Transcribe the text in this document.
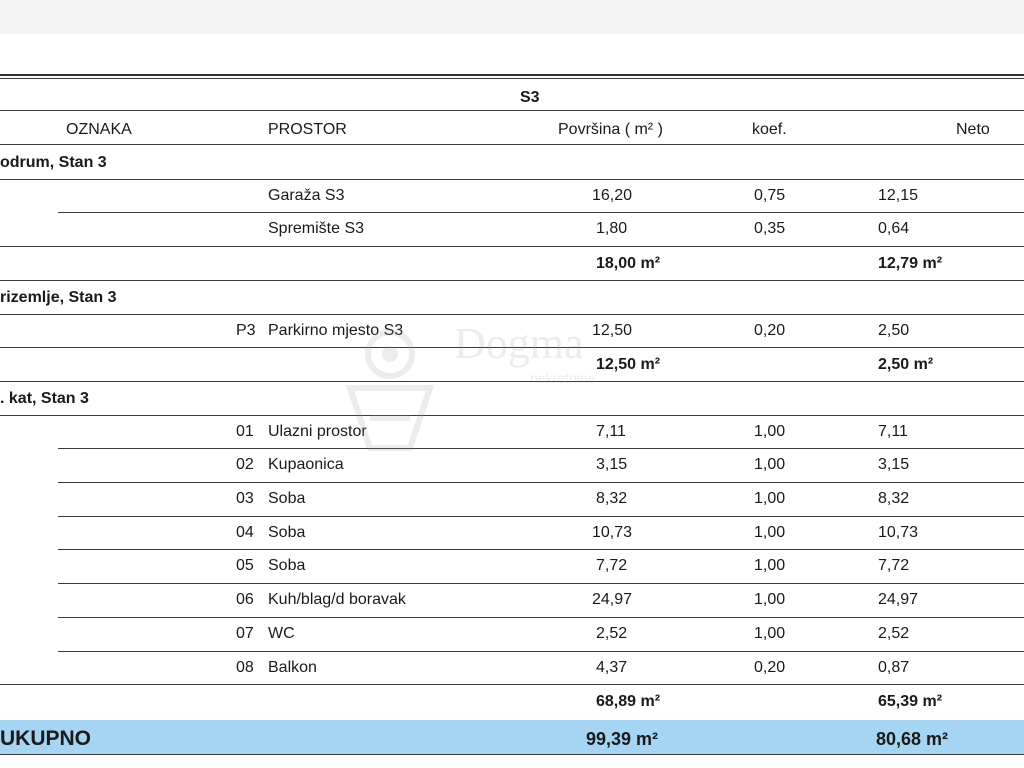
S3
OZNAKA	PROSTOR	Površina ( m² )	koef.	Neto
odrum, Stan 3
Garaža S3	16,20	0,75	12,15
Spremište S3	1,80	0,35	0,64
18,00 m²	12,79 m²
rizemlje, Stan 3
P3 Parkirno mjesto S3	12,50	0,20	2,50
12,50 m²	2,50 m²
. kat, Stan 3
01 Ulazni prostor	7,11	1,00	7,11
02 Kupaonica	3,15	1,00	3,15
03 Soba	8,32	1,00	8,32
04 Soba	10,73	1,00	10,73
05 Soba	7,72	1,00	7,72
06 Kuh/blag/d boravak	24,97	1,00	24,97
07 WC	2,52	1,00	2,52
08 Balkon	4,37	0,20	0,87
68,89 m²	65,39 m²
UKUPNO	99,39 m²	80,68 m²
Dogma
nekretnine
